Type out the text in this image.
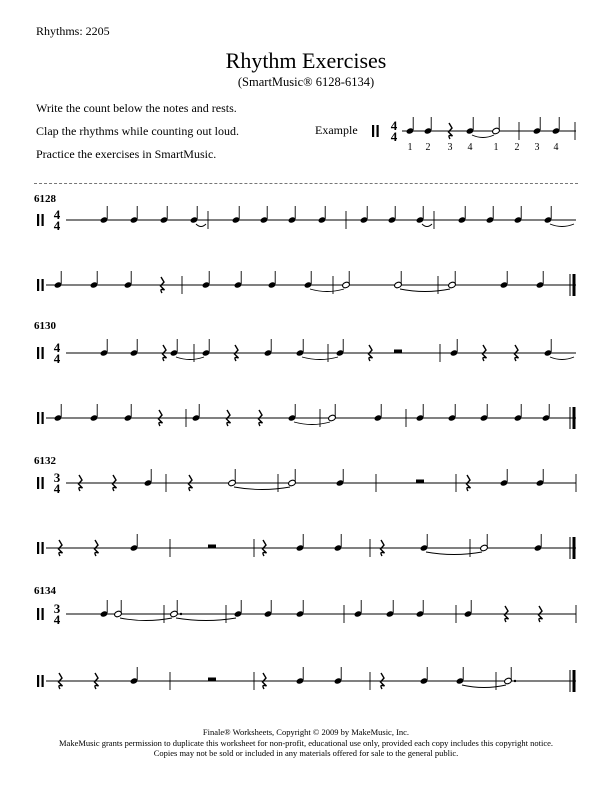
Rhythms: 2205
Rhythm Exercises
(SmartMusic® 6128-6134)
Write the count below the notes and rests.
Clap the rhythms while counting out loud.
Practice the exercises in SmartMusic.
Example
6128
6130
6132
6134
4
4
1 2 3 4 1 2 3 4
4
4
4
4
3
4
3
4
Finale® Worksheets, Copyright © 2009 by MakeMusic, Inc.
MakeMusic grants permission to duplicate this worksheet for non-profit, educational use only, provided each copy includes this copyright notice.
Copies may not be sold or included in any materials offered for sale to the general public.
